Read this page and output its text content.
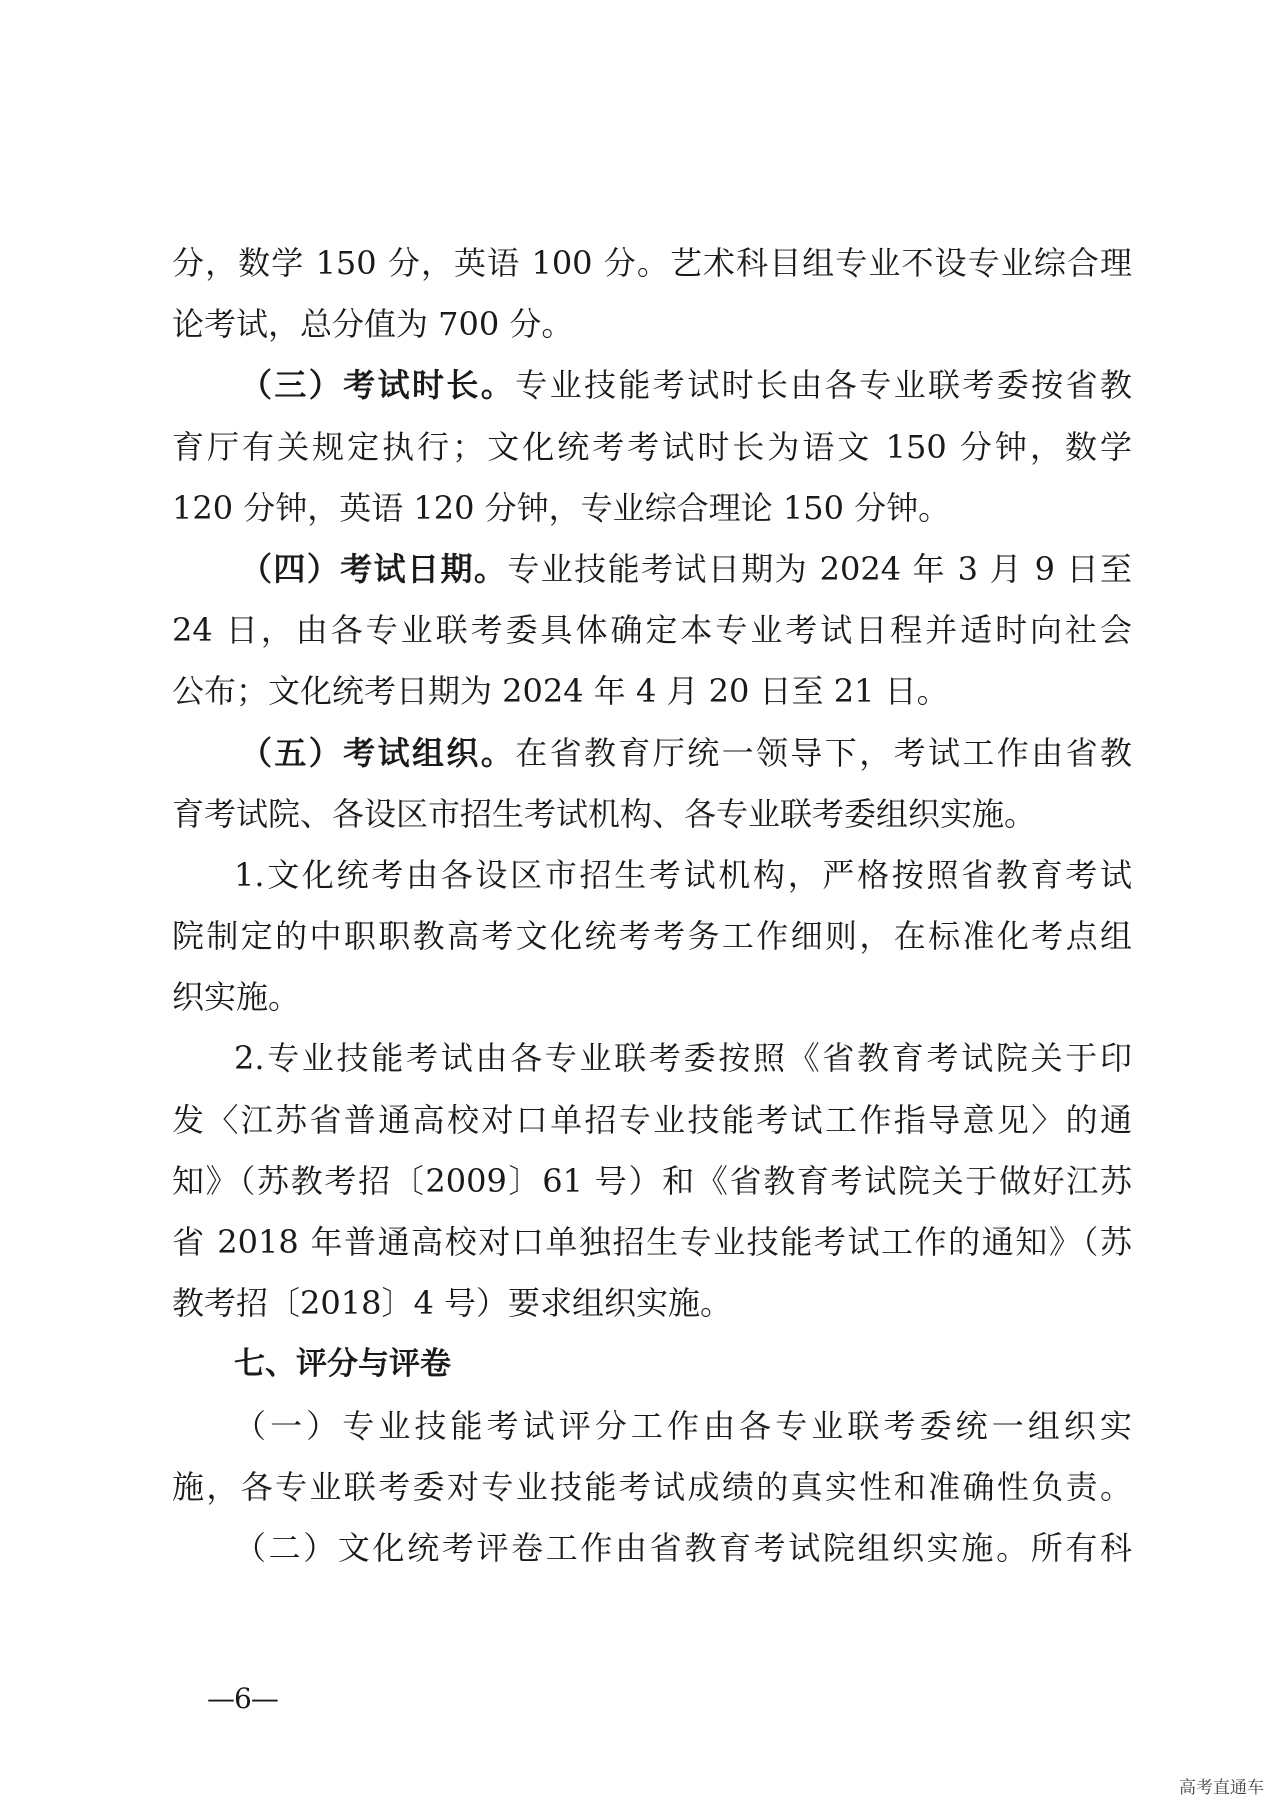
分，数学 150 分，英语 100 分。艺术科目组专业不设专业综合理
论考试，总分值为 700 分。
（三）考试时长。专业技能考试时长由各专业联考委按省教
育厅有关规定执行；文化统考考试时长为语文 150 分钟，数学
120 分钟，英语 120 分钟，专业综合理论 150 分钟。
（四）考试日期。专业技能考试日期为 2024 年 3 月 9 日至
24 日，由各专业联考委具体确定本专业考试日程并适时向社会
公布；文化统考日期为 2024 年 4 月 20 日至 21 日。
（五）考试组织。在省教育厅统一领导下，考试工作由省教
育考试院、各设区市招生考试机构、各专业联考委组织实施。
1.文化统考由各设区市招生考试机构，严格按照省教育考试
院制定的中职职教高考文化统考考务工作细则，在标准化考点组
织实施。
2.专业技能考试由各专业联考委按照《省教育考试院关于印
发〈江苏省普通高校对口单招专业技能考试工作指导意见〉的通
知》（苏教考招〔2009〕61 号）和《省教育考试院关于做好江苏
省 2018 年普通高校对口单独招生专业技能考试工作的通知》（苏
教考招〔2018〕4 号）要求组织实施。
七、评分与评卷
（一）专业技能考试评分工作由各专业联考委统一组织实
施，各专业联考委对专业技能考试成绩的真实性和准确性负责。
（二）文化统考评卷工作由省教育考试院组织实施。所有科
—6—
高考直通车
